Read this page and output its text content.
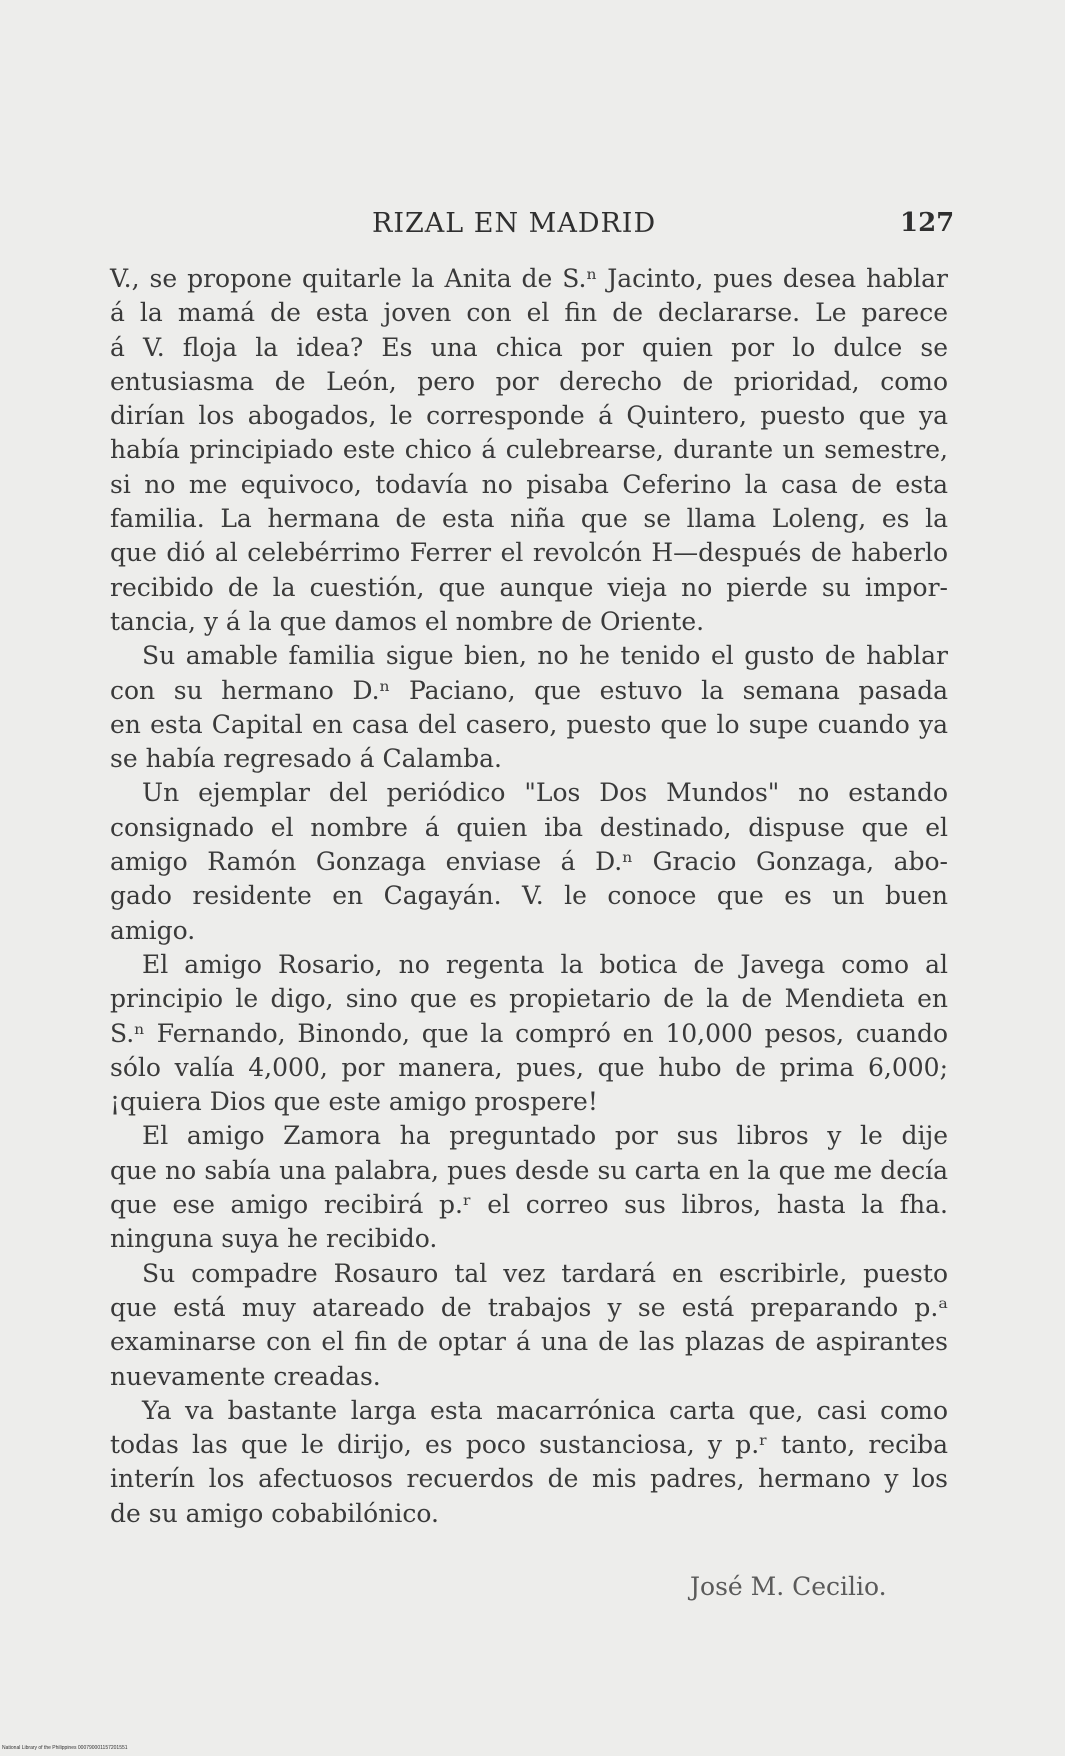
RIZAL EN MADRID	127
V., se propone quitarle la Anita de S.ⁿ Jacinto, pues desea hablar
á la mamá de esta joven con el fin de declararse. Le parece
á V. floja la idea? Es una chica por quien por lo dulce se
entusiasma de León, pero por derecho de prioridad, como
dirían los abogados, le corresponde á Quintero, puesto que ya
había principiado este chico á culebrearse, durante un semestre,
si no me equivoco, todavía no pisaba Ceferino la casa de esta
familia. La hermana de esta niña que se llama Loleng, es la
que dió al celebérrimo Ferrer el revolcón H—después de haberlo
recibido de la cuestión, que aunque vieja no pierde su impor-
tancia, y á la que damos el nombre de Oriente.
Su amable familia sigue bien, no he tenido el gusto de hablar
con su hermano D.ⁿ Paciano, que estuvo la semana pasada
en esta Capital en casa del casero, puesto que lo supe cuando ya
se había regresado á Calamba.
Un ejemplar del periódico "Los Dos Mundos" no estando
consignado el nombre á quien iba destinado, dispuse que el
amigo Ramón Gonzaga enviase á D.ⁿ Gracio Gonzaga, abo-
gado residente en Cagayán. V. le conoce que es un buen
amigo.
El amigo Rosario, no regenta la botica de Javega como al
principio le digo, sino que es propietario de la de Mendieta en
S.ⁿ Fernando, Binondo, que la compró en 10,000 pesos, cuando
sólo valía 4,000, por manera, pues, que hubo de prima 6,000;
¡quiera Dios que este amigo prospere!
El amigo Zamora ha preguntado por sus libros y le dije
que no sabía una palabra, pues desde su carta en la que me decía
que ese amigo recibirá p.ʳ el correo sus libros, hasta la fha.
ninguna suya he recibido.
Su compadre Rosauro tal vez tardará en escribirle, puesto
que está muy atareado de trabajos y se está preparando p.ᵃ
examinarse con el fin de optar á una de las plazas de aspirantes
nuevamente creadas.
Ya va bastante larga esta macarrónica carta que, casi como
todas las que le dirijo, es poco sustanciosa, y p.ʳ tanto, reciba
interín los afectuosos recuerdos de mis padres, hermano y los
de su amigo cobabilónico.
José M. Cecilio.
National Library of the Philippines 000790001157201551
